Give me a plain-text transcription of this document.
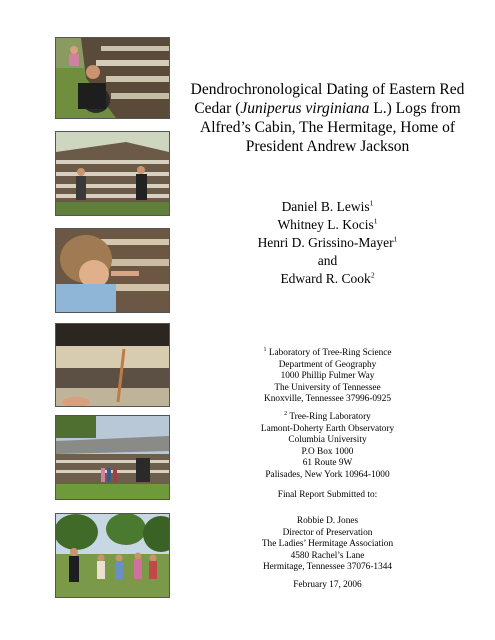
Dendrochronological Dating of Eastern Red
Cedar (Juniperus virginiana L.) Logs from
Alfred’s Cabin, The Hermitage, Home of
President Andrew Jackson
Daniel B. Lewis$^1$
Whitney L. Kocis$^1$
Henri D. Grissino-Mayer$^1$
and
Edward R. Cook$^2$
$^1$ Laboratory of Tree-Ring Science
Department of Geography
1000 Phillip Fulmer Way
The University of Tennessee
Knoxville, Tennessee 37996-0925
$^2$ Tree-Ring Laboratory
Lamont-Doherty Earth Observatory
Columbia University
P.O Box 1000
61 Route 9W
Palisades, New York 10964-1000
Final Report Submitted to:
Robbie D. Jones
Director of Preservation
The Ladies’ Hermitage Association
4580 Rachel’s Lane
Hermitage, Tennessee 37076-1344
February 17, 2006
